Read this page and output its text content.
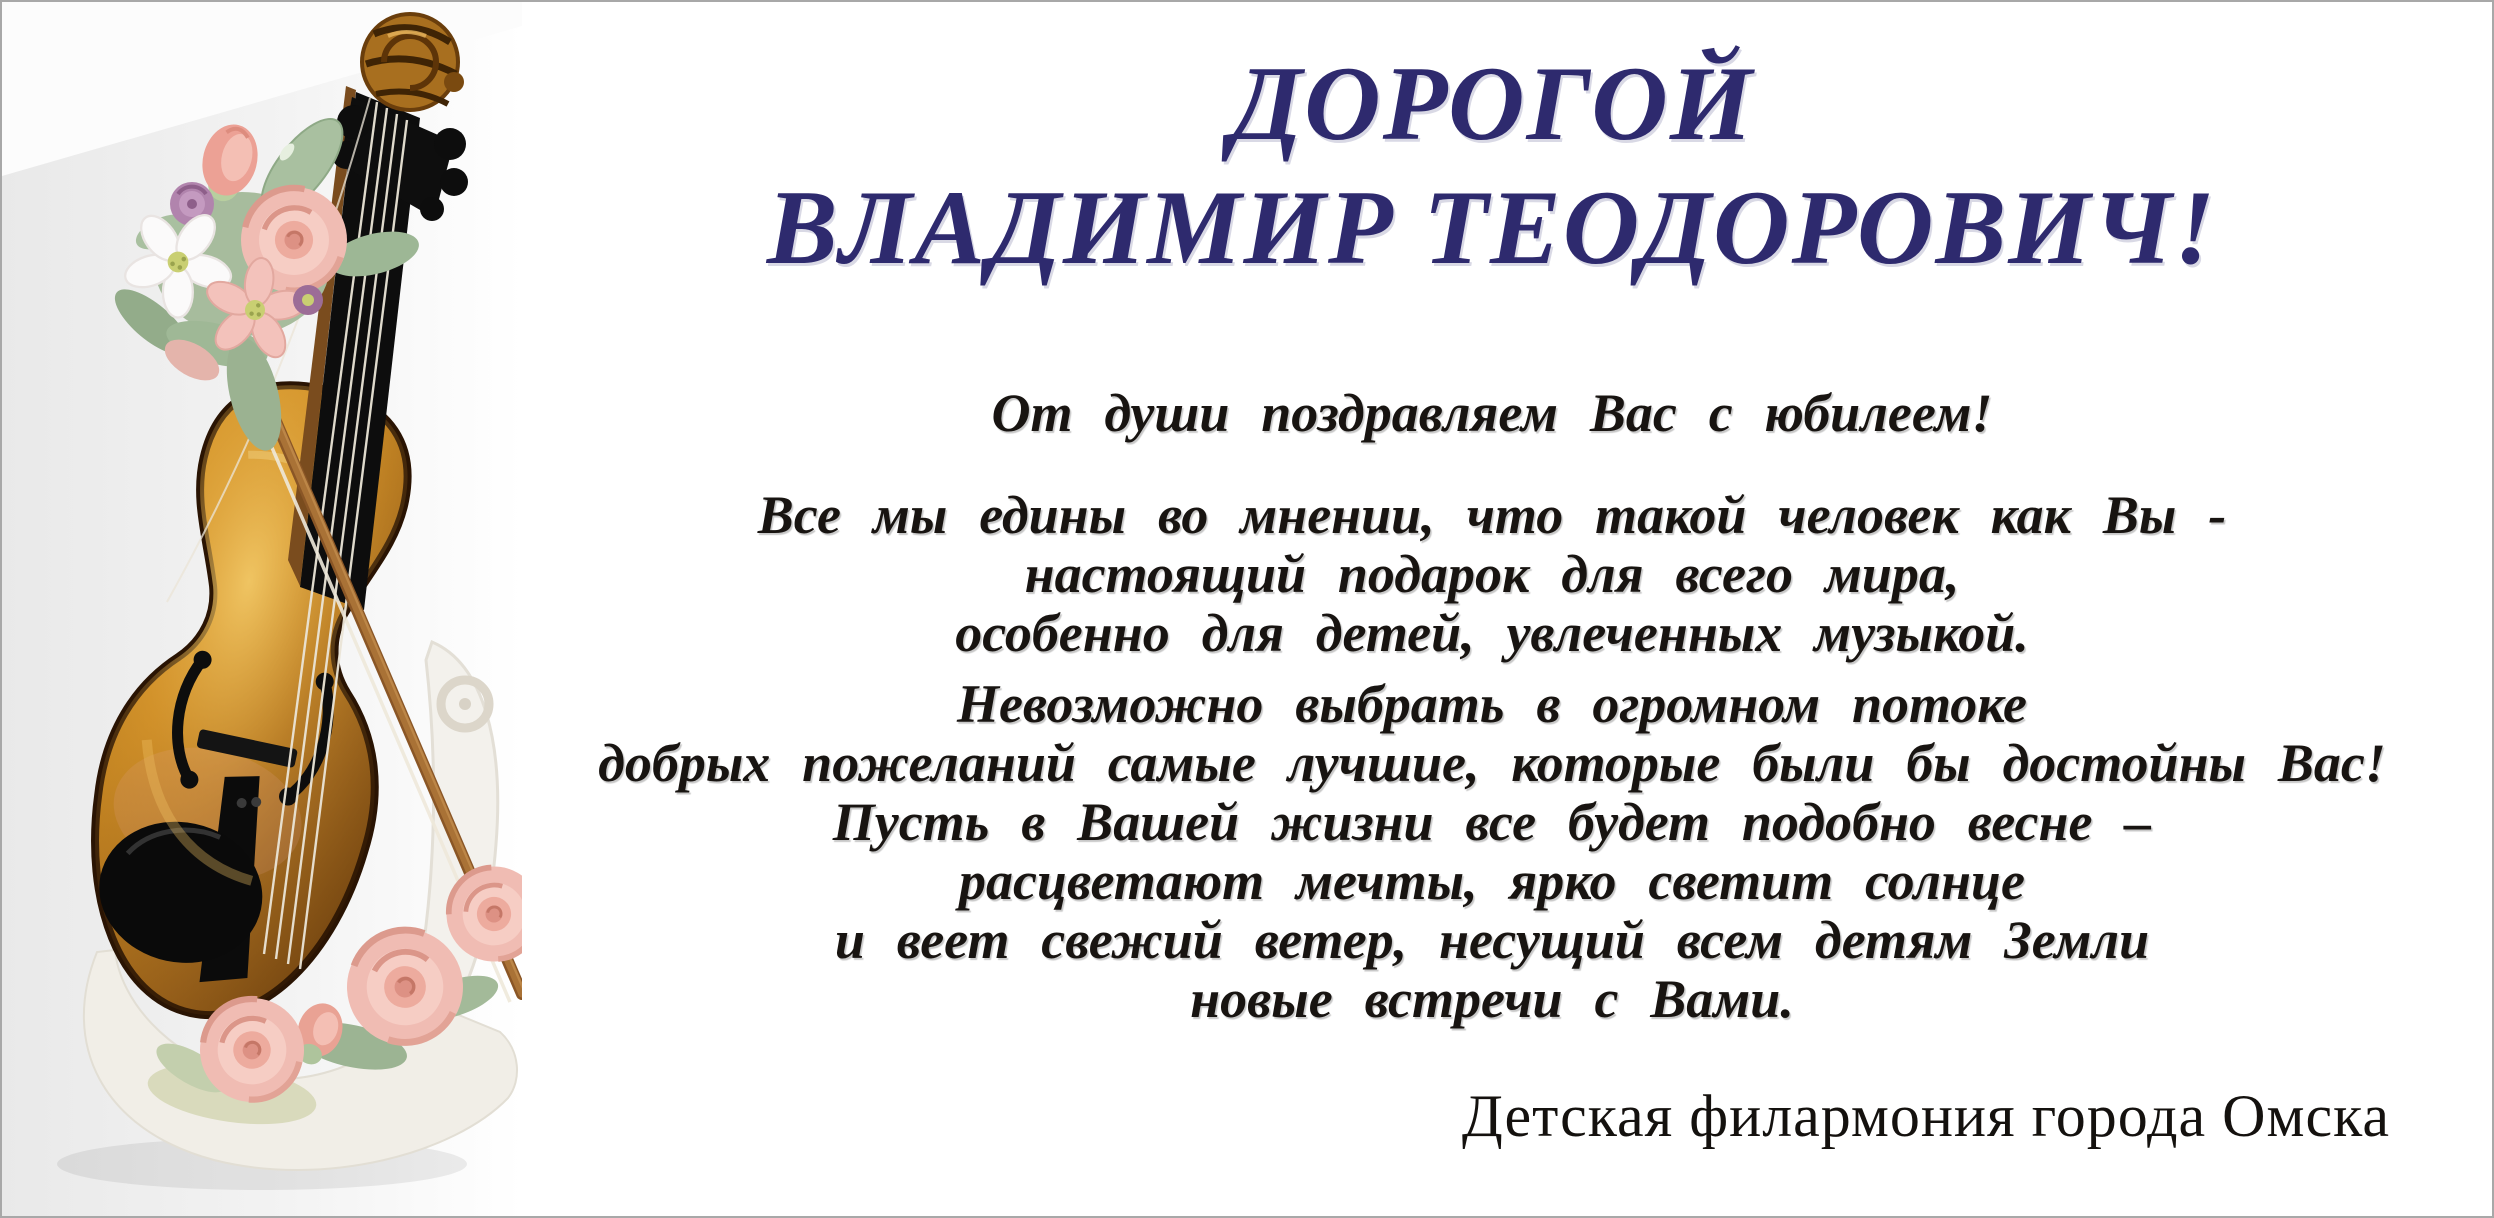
ДОРОГОЙ
ВЛАДИМИР ТЕОДОРОВИЧ!
От души поздравляем Вас с юбилеем!
Все мы едины во мнении, что такой человек как Вы -
настоящий подарок для всего мира,
особенно для детей, увлеченных музыкой.
Невозможно выбрать в огромном потоке
добрых пожеланий самые лучшие, которые были бы достойны Вас!
Пусть в Вашей жизни все будет подобно весне –
расцветают мечты, ярко светит солнце
и веет свежий ветер, несущий всем детям Земли
новые встречи с Вами.
Детская филармония города Омска
